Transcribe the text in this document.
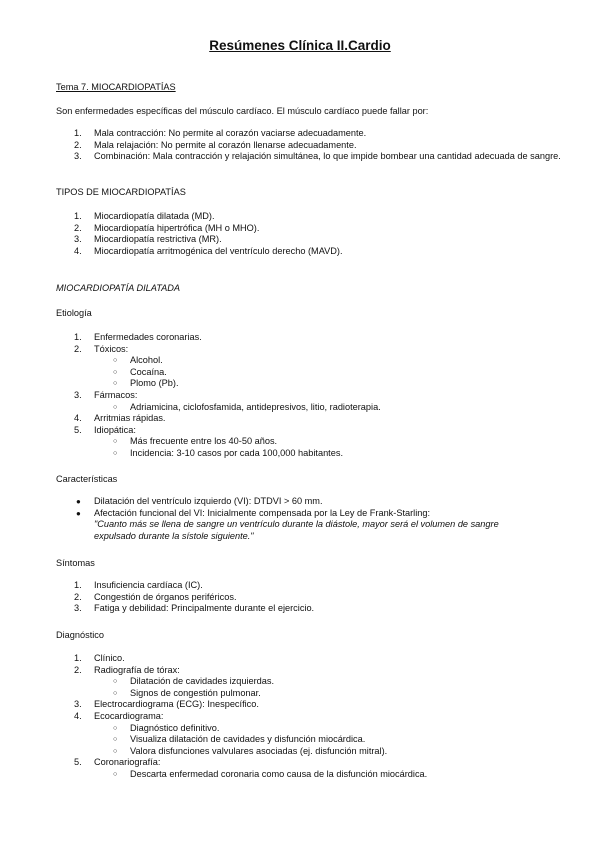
Resúmenes Clínica II.Cardio
Tema 7. MIOCARDIOPATÍAS
Son enfermedades específicas del músculo cardíaco. El músculo cardíaco puede fallar por:
1. Mala contracción: No permite al corazón vaciarse adecuadamente.
2. Mala relajación: No permite al corazón llenarse adecuadamente.
3. Combinación: Mala contracción y relajación simultánea, lo que impide bombear una cantidad adecuada de sangre.
TIPOS DE MIOCARDIOPATÍAS
1. Miocardiopatía dilatada (MD).
2. Miocardiopatía hipertrófica (MH o MHO).
3. Miocardiopatía restrictiva (MR).
4. Miocardiopatía arritmogénica del ventrículo derecho (MAVD).
MIOCARDIOPATÍA DILATADA
Etiología
1. Enfermedades coronarias.
2. Tóxicos:
○ Alcohol.
○ Cocaína.
○ Plomo (Pb).
3. Fármacos:
○ Adriamicina, ciclofosfamida, antidepresivos, litio, radioterapia.
4. Arritmias rápidas.
5. Idiopática:
○ Más frecuente entre los 40-50 años.
○ Incidencia: 3-10 casos por cada 100,000 habitantes.
Características
● Dilatación del ventrículo izquierdo (VI): DTDVI > 60 mm.
● Afectación funcional del VI: Inicialmente compensada por la Ley de Frank-Starling:
"Cuanto más se llena de sangre un ventrículo durante la diástole, mayor será el volumen de sangre expulsado durante la sístole siguiente."
Síntomas
1. Insuficiencia cardíaca (IC).
2. Congestión de órganos periféricos.
3. Fatiga y debilidad: Principalmente durante el ejercicio.
Diagnóstico
1. Clínico.
2. Radiografía de tórax:
○ Dilatación de cavidades izquierdas.
○ Signos de congestión pulmonar.
3. Electrocardiograma (ECG): Inespecífico.
4. Ecocardiograma:
○ Diagnóstico definitivo.
○ Visualiza dilatación de cavidades y disfunción miocárdica.
○ Valora disfunciones valvulares asociadas (ej. disfunción mitral).
5. Coronariografía:
○ Descarta enfermedad coronaria como causa de la disfunción miocárdica.
